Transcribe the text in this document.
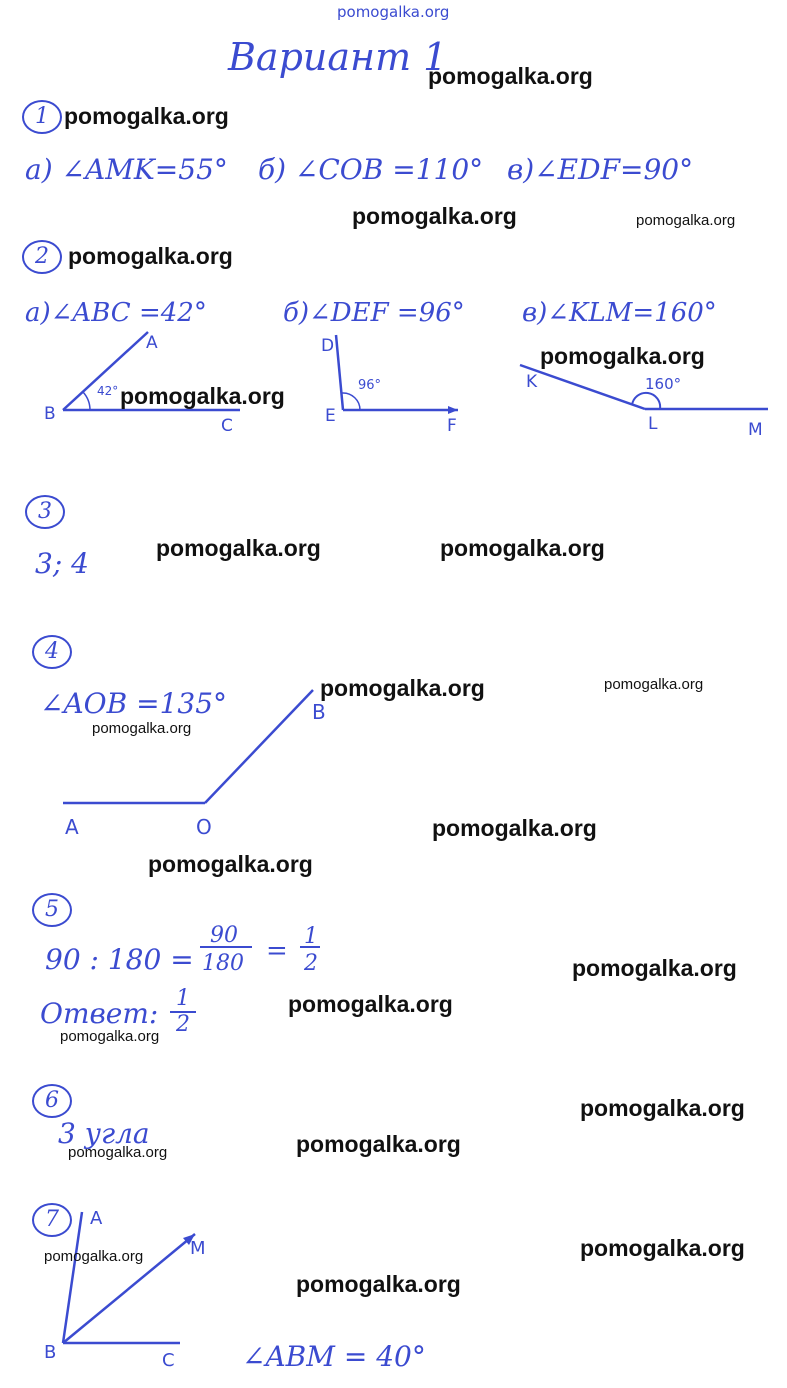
pomogalka.org
Вариант 1
1
а) ∠AMK=55° б) ∠COB =110° в)∠EDF=90°
2
а)∠ABC =42°	б)∠DEF =96° в)∠KLM=160°
A
B
C
42°
D
E	F
96°	K
L	M
160°
3
3; 4
4
∠AOB =135°
A	O
B
5
90 : 180 =
90
180 = 1
2
Ответ: 1
2
6
3 угла
7	A
M
B	C ∠ABM = 40°
pomogalka.org
pomogalka.org
pomogalka.org	pomogalka.org
pomogalka.org
pomogalka.org
pomogalka.org
pomogalka.org	pomogalka.org
pomogalka.org	pomogalka.org
pomogalka.org
pomogalka.org
pomogalka.org
pomogalka.org
pomogalka.org
pomogalka.org
pomogalka.org
pomogalka.org
pomogalka.org
pomogalka.org
pomogalka.org
pomogalka.org
